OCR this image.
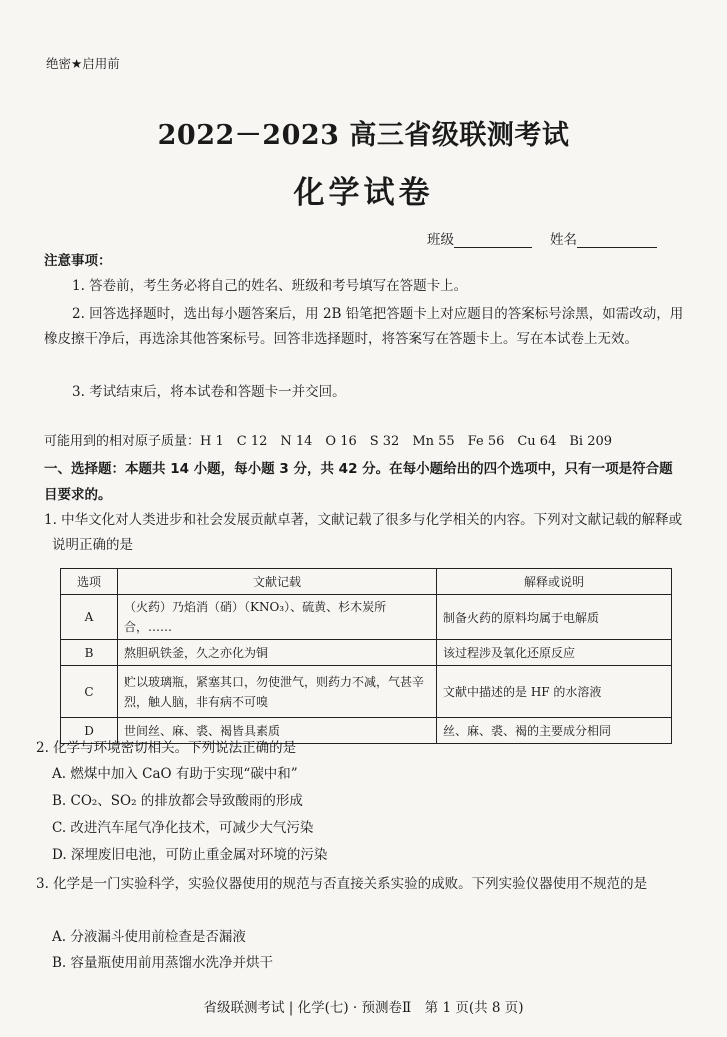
绝密★启用前
2022－2023 高三省级联测考试
化学试卷
班级	姓名
注意事项：
1. 答卷前，考生务必将自己的姓名、班级和考号填写在答题卡上。
2. 回答选择题时，选出每小题答案后，用 2B 铅笔把答题卡上对应题目的答案标号涂黑，如需改动，用橡皮擦干净后，再选涂其他答案标号。回答非选择题时，将答案写在答题卡上。写在本试卷上无效。
3. 考试结束后，将本试卷和答题卡一并交回。
可能用到的相对原子质量：H 1　C 12　N 14　O 16　S 32　Mn 55　Fe 56　Cu 64　Bi 209
一、选择题：本题共 14 小题，每小题 3 分，共 42 分。在每小题给出的四个选项中，只有一项是符合题目要求的。
1. 中华文化对人类进步和社会发展贡献卓著，文献记载了很多与化学相关的内容。下列对文献记载的解释或说明正确的是
选项	文献记载	解释或说明
A	（火药）乃焰消（硝）（KNO₃）、硫黄、杉木炭所合，……	制备火药的原料均属于电解质
B	熬胆矾铁釜，久之亦化为铜	该过程涉及氧化还原反应
C	贮以玻璃瓶，紧塞其口，勿使泄气，则药力不减，气甚辛烈，触人脑，非有病不可嗅	文献中描述的是 HF 的水溶液
D	世间丝、麻、裘、褐皆具素质	丝、麻、裘、褐的主要成分相同
2. 化学与环境密切相关。下列说法正确的是
A. 燃煤中加入 CaO 有助于实现“碳中和”
B. CO₂、SO₂ 的排放都会导致酸雨的形成
C. 改进汽车尾气净化技术，可减少大气污染
D. 深埋废旧电池，可防止重金属对环境的污染
3. 化学是一门实验科学，实验仪器使用的规范与否直接关系实验的成败。下列实验仪器使用不规范的是
A. 分液漏斗使用前检查是否漏液
B. 容量瓶使用前用蒸馏水洗净并烘干
省级联测考试 | 化学(七) · 预测卷Ⅱ　第 1 页(共 8 页)
